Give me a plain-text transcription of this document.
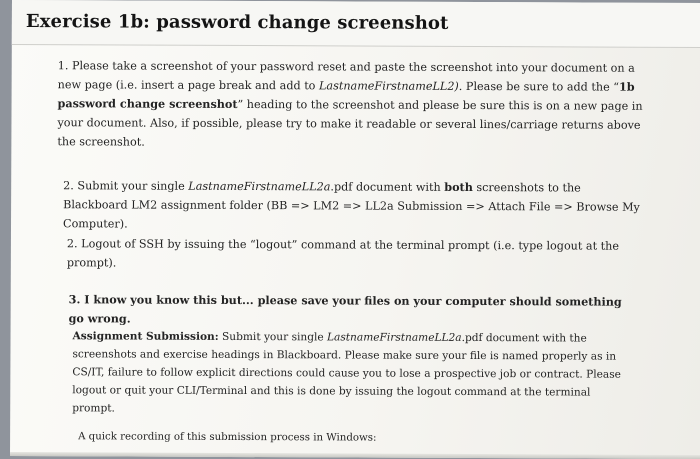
Exercise 1b: password change screenshot

1. Please take a screenshot of your password reset and paste the screenshot into your document on a new page (i.e. insert a page break and add to LastnameFirstnameLL2). Please be sure to add the “1b password change screenshot” heading to the screenshot and please be sure this is on a new page in your document. Also, if possible, please try to make it readable or several lines/carriage returns above the screenshot.

2. Submit your single LastnameFirstnameLL2a.pdf document with both screenshots to the Blackboard LM2 assignment folder (BB => LM2 => LL2a Submission => Attach File => Browse My Computer).

2. Logout of SSH by issuing the “logout” command at the terminal prompt (i.e. type logout at the prompt).

3. I know you know this but... please save your files on your computer should something go wrong.

Assignment Submission: Submit your single LastnameFirstnameLL2a.pdf document with the screenshots and exercise headings in Blackboard. Please make sure your file is named properly as in CS/IT, failure to follow explicit directions could cause you to lose a prospective job or contract. Please logout or quit your CLI/Terminal and this is done by issuing the logout command at the terminal prompt.

A quick recording of this submission process in Windows:
